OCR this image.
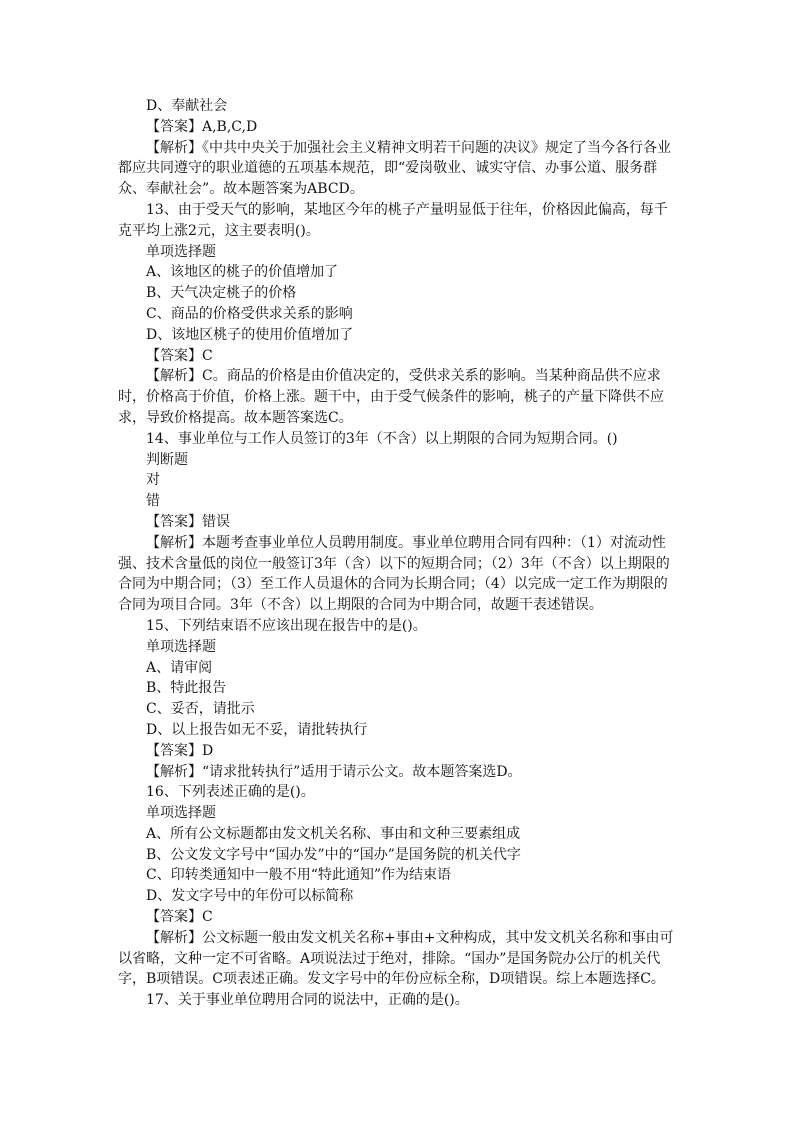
D、奉献社会

【答案】A,B,C,D

【解析】《中共中央关于加强社会主义精神文明若干问题的决议》规定了当今各行各业都应共同遵守的职业道德的五项基本规范，即“爱岗敬业、诚实守信、办事公道、服务群众、奉献社会”。故本题答案为ABCD。

13、由于受天气的影响，某地区今年的桃子产量明显低于往年，价格因此偏高，每千克平均上涨2元，这主要表明()。

单项选择题

A、该地区的桃子的价值增加了

B、天气决定桃子的价格

C、商品的价格受供求关系的影响

D、该地区桃子的使用价值增加了

【答案】C

【解析】C。商品的价格是由价值决定的，受供求关系的影响。当某种商品供不应求时，价格高于价值，价格上涨。题干中，由于受气候条件的影响，桃子的产量下降供不应求，导致价格提高。故本题答案选C。

14、事业单位与工作人员签订的3年（不含）以上期限的合同为短期合同。()

判断题

对

错

【答案】错误

【解析】本题考查事业单位人员聘用制度。事业单位聘用合同有四种：（1）对流动性强、技术含量低的岗位一般签订3年（含）以下的短期合同；（2）3年（不含）以上期限的合同为中期合同；（3）至工作人员退休的合同为长期合同；（4）以完成一定工作为期限的合同为项目合同。3年（不含）以上期限的合同为中期合同，故题干表述错误。

15、下列结束语不应该出现在报告中的是()。

单项选择题

A、请审阅

B、特此报告

C、妥否，请批示

D、以上报告如无不妥，请批转执行

【答案】D

【解析】“请求批转执行”适用于请示公文。故本题答案选D。

16、下列表述正确的是()。

单项选择题

A、所有公文标题都由发文机关名称、事由和文种三要素组成

B、公文发文字号中“国办发”中的“国办”是国务院的机关代字

C、印转类通知中一般不用“特此通知”作为结束语

D、发文字号中的年份可以标简称

【答案】C

【解析】公文标题一般由发文机关名称+事由+文种构成，其中发文机关名称和事由可以省略，文种一定不可省略。A项说法过于绝对，排除。“国办”是国务院办公厅的机关代字，B项错误。C项表述正确。发文字号中的年份应标全称，D项错误。综上本题选择C。

17、关于事业单位聘用合同的说法中，正确的是()。
